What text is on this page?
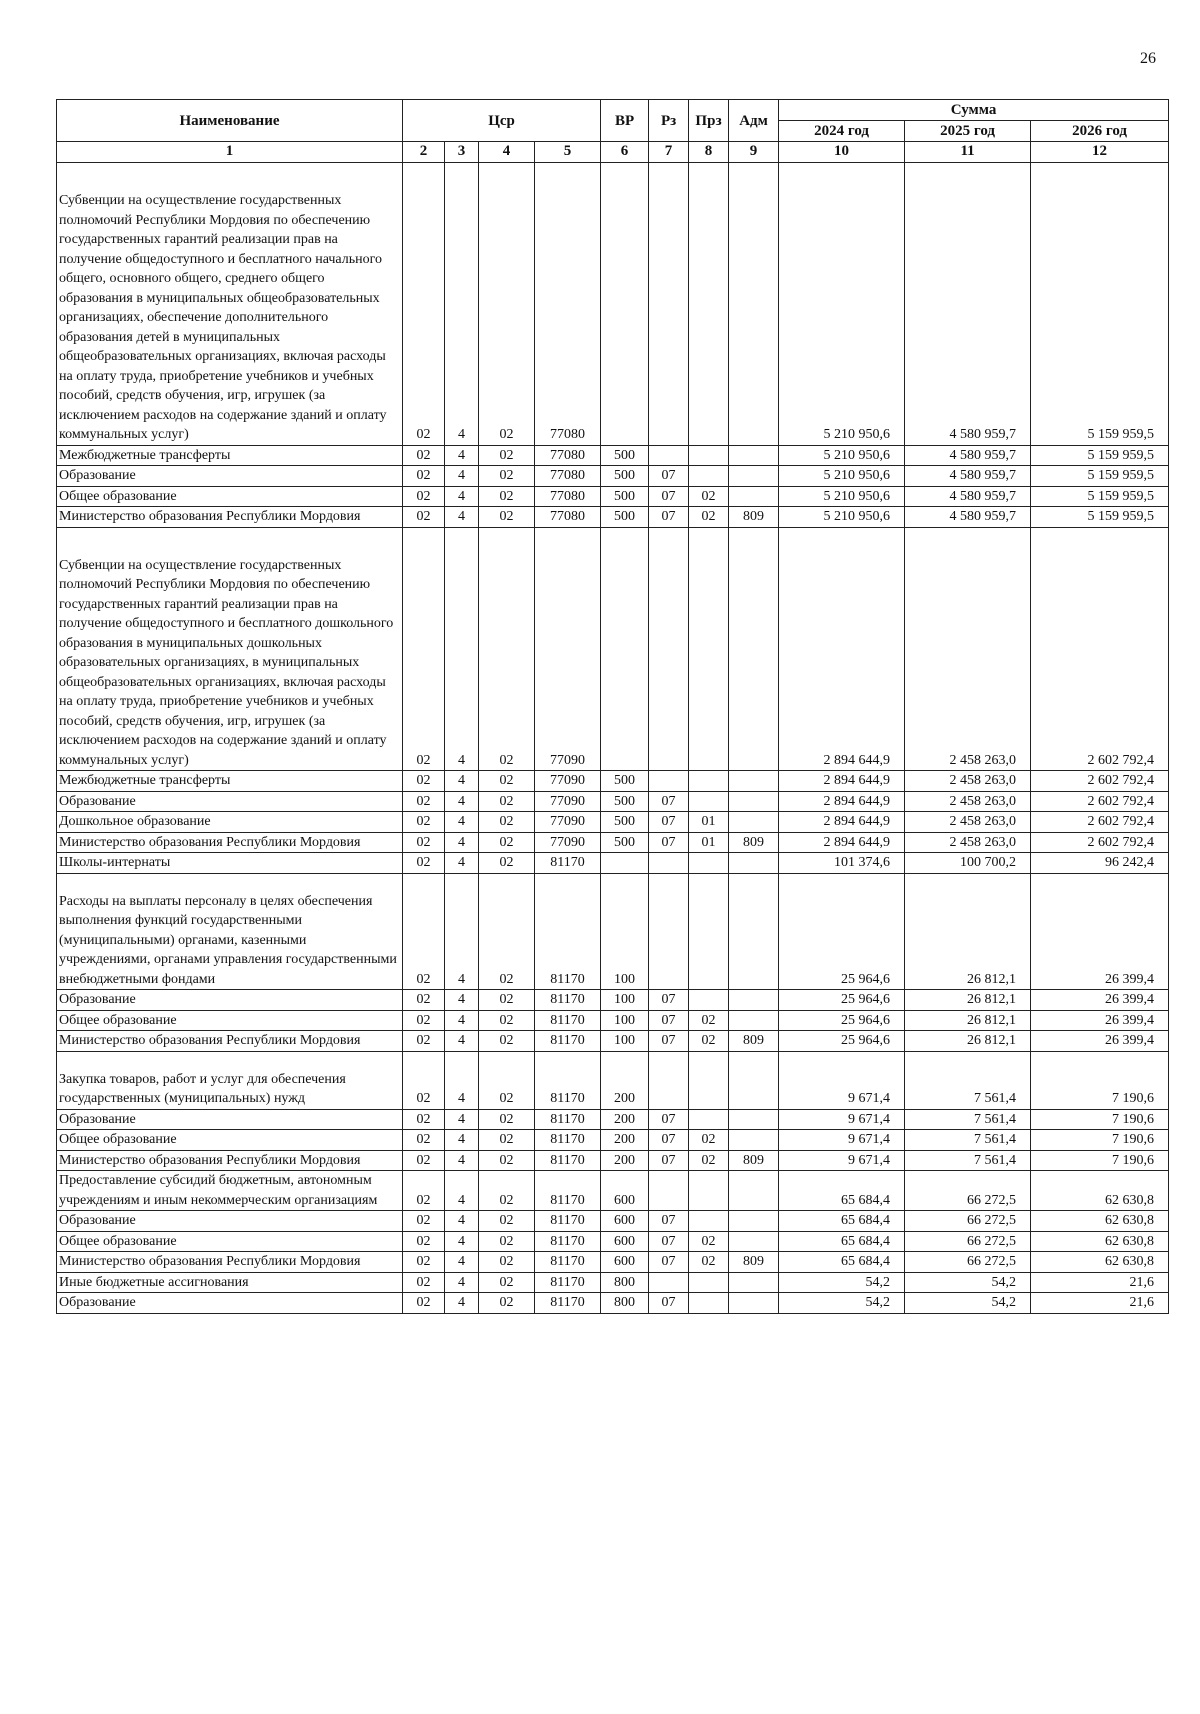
26
Наименование	Цср				ВР	Рз	Прз	Адм	Сумма		
									2024 год	2025 год	2026 год
1	2	3	4	5	6	7	8	9	10	11	12
Субвенции на осуществление государственных полномочий Республики Мордовия по обеспечению государственных гарантий реализации прав на получение общедоступного и бесплатного начального общего, основного общего, среднего общего образования в муниципальных общеобразовательных организациях, обеспечение дополнительного образования детей в муниципальных общеобразовательных организациях, включая расходы на оплату труда, приобретение учебников и учебных пособий, средств обучения, игр, игрушек (за исключением расходов на содержание зданий и оплату коммунальных услуг)	02	4	02	77080					5 210 950,6	4 580 959,7	5 159 959,5
Межбюджетные трансферты	02	4	02	77080	500				5 210 950,6	4 580 959,7	5 159 959,5
Образование	02	4	02	77080	500	07			5 210 950,6	4 580 959,7	5 159 959,5
Общее образование	02	4	02	77080	500	07	02		5 210 950,6	4 580 959,7	5 159 959,5
Министерство образования Республики Мордовия	02	4	02	77080	500	07	02	809	5 210 950,6	4 580 959,7	5 159 959,5
Субвенции на осуществление государственных полномочий Республики Мордовия по обеспечению государственных гарантий реализации прав на получение общедоступного и бесплатного дошкольного образования в муниципальных дошкольных образовательных организациях, в муниципальных общеобразовательных организациях, включая расходы на оплату труда, приобретение учебников и учебных пособий, средств обучения, игр, игрушек (за исключением расходов на содержание зданий и оплату коммунальных услуг)	02	4	02	77090					2 894 644,9	2 458 263,0	2 602 792,4
Межбюджетные трансферты	02	4	02	77090	500				2 894 644,9	2 458 263,0	2 602 792,4
Образование	02	4	02	77090	500	07			2 894 644,9	2 458 263,0	2 602 792,4
Дошкольное образование	02	4	02	77090	500	07	01		2 894 644,9	2 458 263,0	2 602 792,4
Министерство образования Республики Мордовия	02	4	02	77090	500	07	01	809	2 894 644,9	2 458 263,0	2 602 792,4
Школы-интернаты	02	4	02	81170					101 374,6	100 700,2	96 242,4
Расходы на выплаты персоналу в целях обеспечения выполнения функций государственными (муниципальными) органами, казенными учреждениями, органами управления государственными внебюджетными фондами	02	4	02	81170	100				25 964,6	26 812,1	26 399,4
Образование	02	4	02	81170	100	07			25 964,6	26 812,1	26 399,4
Общее образование	02	4	02	81170	100	07	02		25 964,6	26 812,1	26 399,4
Министерство образования Республики Мордовия	02	4	02	81170	100	07	02	809	25 964,6	26 812,1	26 399,4
Закупка товаров, работ и услуг для обеспечения государственных (муниципальных) нужд	02	4	02	81170	200				9 671,4	7 561,4	7 190,6
Образование	02	4	02	81170	200	07			9 671,4	7 561,4	7 190,6
Общее образование	02	4	02	81170	200	07	02		9 671,4	7 561,4	7 190,6
Министерство образования Республики Мордовия	02	4	02	81170	200	07	02	809	9 671,4	7 561,4	7 190,6
Предоставление субсидий бюджетным, автономным учреждениям и иным некоммерческим организациям	02	4	02	81170	600				65 684,4	66 272,5	62 630,8
Образование	02	4	02	81170	600	07			65 684,4	66 272,5	62 630,8
Общее образование	02	4	02	81170	600	07	02		65 684,4	66 272,5	62 630,8
Министерство образования Республики Мордовия	02	4	02	81170	600	07	02	809	65 684,4	66 272,5	62 630,8
Иные бюджетные ассигнования	02	4	02	81170	800				54,2	54,2	21,6
Образование	02	4	02	81170	800	07			54,2	54,2	21,6
